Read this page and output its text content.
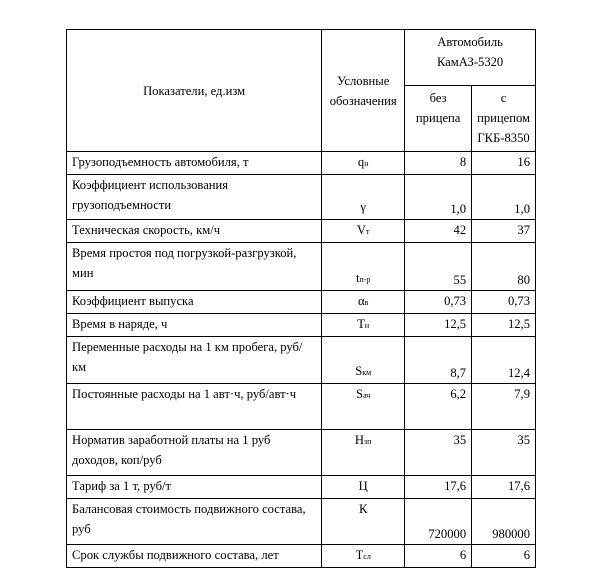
Показатели, ед.изм	Условные обозначения	Автомобиль КамАЗ-5320	
		без прицепа	с прицепом ГКБ-8350
Грузоподъемность автомобиля, т	qн	8	16
Коэффициент использования грузоподъемности	γ	1,0	1,0
Техническая скорость, км/ч	Vт	42	37
Время простоя под погрузкой-разгрузкой, мин	tп-р	55	80
Коэффициент выпуска	αв	0,73	0,73
Время в наряде, ч	Тн	12,5	12,5
Переменные расходы на 1 км пробега, руб/км	Sкм	8,7	12,4
Постоянные расходы на 1 авт·ч, руб/авт·ч	Sач	6,2	7,9
Норматив заработной платы на 1 руб доходов, коп/руб	Нзп	35	35
Тариф за 1 т, руб/т	Ц	17,6	17,6
Балансовая стоимость подвижного состава, руб	К	720000	980000
Срок службы подвижного состава, лет	Тсл	6	6
